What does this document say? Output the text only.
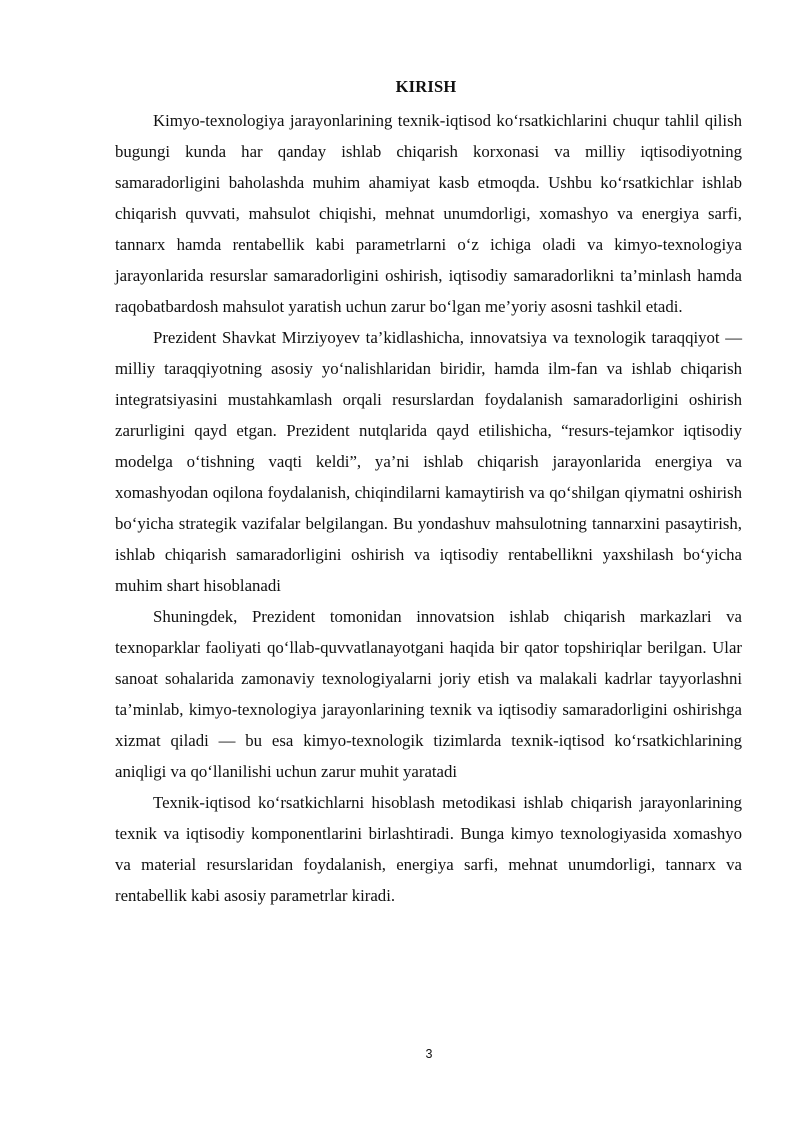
KIRISH

Kimyo-texnologiya jarayonlarining texnik-iqtisod ko‘rsatkichlarini chuqur tahlil qilish bugungi kunda har qanday ishlab chiqarish korxonasi va milliy iqtisodiyotning samaradorligini baholashda muhim ahamiyat kasb etmoqda. Ushbu ko‘rsatkichlar ishlab chiqarish quvvati, mahsulot chiqishi, mehnat unumdorligi, xomashyo va energiya sarfi, tannarx hamda rentabellik kabi parametrlarni o‘z ichiga oladi va kimyo-texnologiya jarayonlarida resurslar samaradorligini oshirish, iqtisodiy samaradorlikni ta’minlash hamda raqobatbardosh mahsulot yaratish uchun zarur bo‘lgan me’yoriy asosni tashkil etadi.

Prezident Shavkat Mirziyoyev ta’kidlashicha, innovatsiya va texnologik taraqqiyot — milliy taraqqiyotning asosiy yo‘nalishlaridan biridir, hamda ilm-fan va ishlab chiqarish integratsiyasini mustahkamlash orqali resurslardan foydalanish samaradorligini oshirish zarurligini qayd etgan. Prezident nutqlarida qayd etilishicha, “resurs-tejamkor iqtisodiy modelga o‘tishning vaqti keldi”, ya’ni ishlab chiqarish jarayonlarida energiya va xomashyodan oqilona foydalanish, chiqindilarni kamaytirish va qo‘shilgan qiymatni oshirish bo‘yicha strategik vazifalar belgilangan. Bu yondashuv mahsulotning tannarxini pasaytirish, ishlab chiqarish samaradorligini oshirish va iqtisodiy rentabellikni yaxshilash bo‘yicha muhim shart hisoblanadi

Shuningdek, Prezident tomonidan innovatsion ishlab chiqarish markazlari va texnoparklar faoliyati qo‘llab-quvvatlanayotgani haqida bir qator topshiriqlar berilgan. Ular sanoat sohalarida zamonaviy texnologiyalarni joriy etish va malakali kadrlar tayyorlashni ta’minlab, kimyo-texnologiya jarayonlarining texnik va iqtisodiy samaradorligini oshirishga xizmat qiladi — bu esa kimyo-texnologik tizimlarda texnik-iqtisod ko‘rsatkichlarining aniqligi va qo‘llanilishi uchun zarur muhit yaratadi

Texnik-iqtisod ko‘rsatkichlarni hisoblash metodikasi ishlab chiqarish jarayonlarining texnik va iqtisodiy komponentlarini birlashtiradi. Bunga kimyo texnologiyasida xomashyo va material resurslaridan foydalanish, energiya sarfi, mehnat unumdorligi, tannarx va rentabellik kabi asosiy parametrlar kiradi.

3
